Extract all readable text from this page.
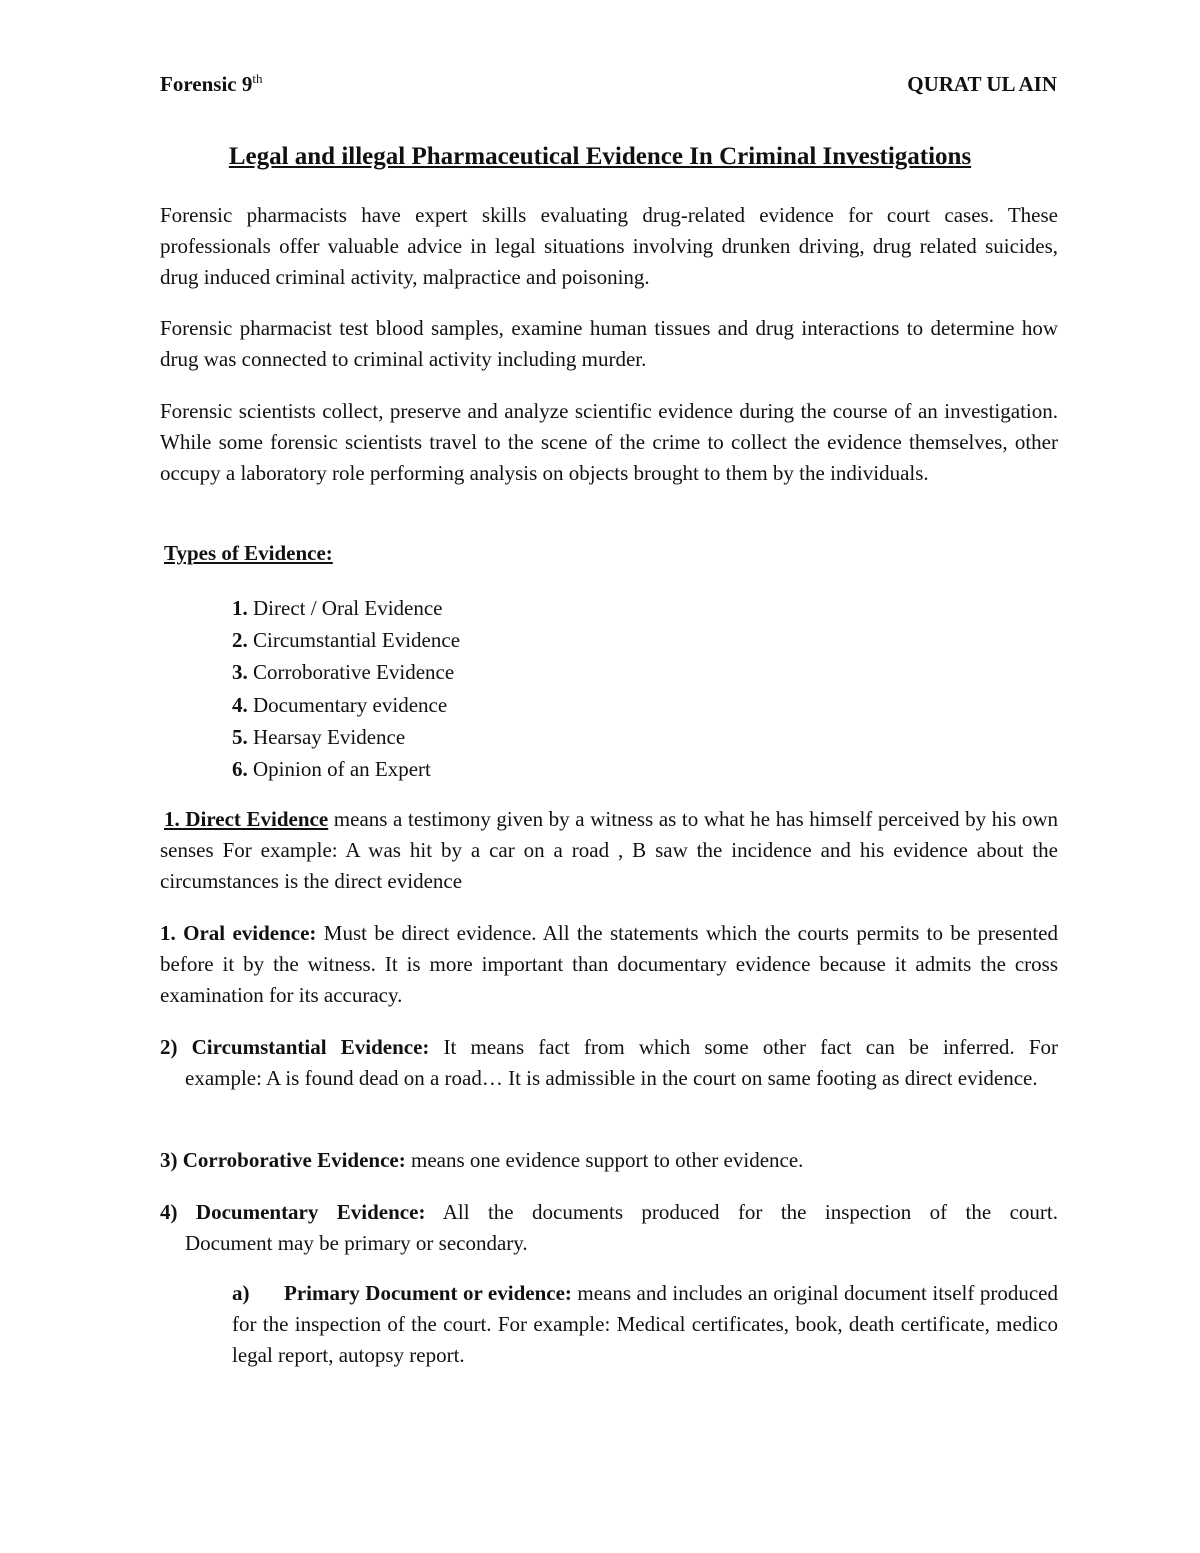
Forensic 9th	QURAT UL AIN
Legal and illegal Pharmaceutical Evidence In Criminal Investigations

Forensic pharmacists have expert skills evaluating drug-related evidence for court cases. These professionals offer valuable advice in legal situations involving drunken driving, drug related suicides, drug induced criminal activity, malpractice and poisoning.

Forensic pharmacist test blood samples, examine human tissues and drug interactions to determine how drug was connected to criminal activity including murder.

Forensic scientists collect, preserve and analyze scientific evidence during the course of an investigation. While some forensic scientists travel to the scene of the crime to collect the evidence themselves, other occupy a laboratory role performing analysis on objects brought to them by the individuals.

Types of Evidence:
1. Direct / Oral Evidence
2. Circumstantial Evidence
3. Corroborative Evidence
4. Documentary evidence
5. Hearsay Evidence
6. Opinion of an Expert

1. Direct Evidence means a testimony given by a witness as to what he has himself perceived by his own senses For example: A was hit by a car on a road , B saw the incidence and his evidence about the circumstances is the direct evidence

1. Oral evidence: Must be direct evidence. All the statements which the courts permits to be presented before it by the witness. It is more important than documentary evidence because it admits the cross examination for its accuracy.

2) Circumstantial Evidence: It means fact from which some other fact can be inferred. For
example: A is found dead on a road… It is admissible in the court on same footing as direct evidence.
3) Corroborative Evidence: means one evidence support to other evidence.
4) Documentary Evidence: All the documents produced for the inspection of the court.
Document may be primary or secondary.
a) Primary Document or evidence: means and includes an original document itself produced for the inspection of the court. For example: Medical certificates, book, death certificate, medico legal report, autopsy report.
